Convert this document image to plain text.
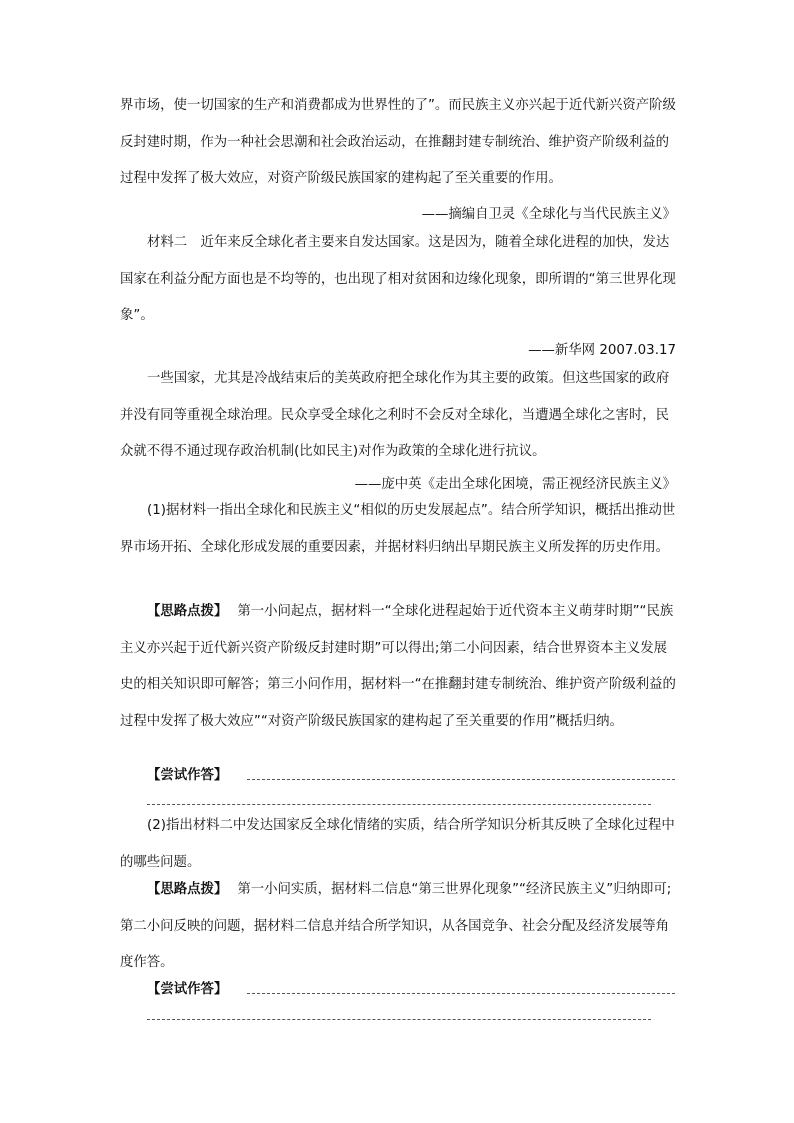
界市场，使一切国家的生产和消费都成为世界性的了”。而民族主义亦兴起于近代新兴资产阶级反封建时期，作为一种社会思潮和社会政治运动，在推翻封建专制统治、维护资产阶级利益的过程中发挥了极大效应，对资产阶级民族国家的建构起了至关重要的作用。
——摘编自卫灵《全球化与当代民族主义》
材料二　近年来反全球化者主要来自发达国家。这是因为，随着全球化进程的加快，发达国家在利益分配方面也是不均等的，也出现了相对贫困和边缘化现象，即所谓的“第三世界化现象”。
——新华网 2007.03.17
一些国家，尤其是冷战结束后的美英政府把全球化作为其主要的政策。但这些国家的政府并没有同等重视全球治理。民众享受全球化之利时不会反对全球化，当遭遇全球化之害时，民众就不得不通过现存政治机制(比如民主)对作为政策的全球化进行抗议。
——庞中英《走出全球化困境，需正视经济民族主义》
(1)据材料一指出全球化和民族主义“相似的历史发展起点”。结合所学知识，概括出推动世界市场开拓、全球化形成发展的重要因素，并据材料归纳出早期民族主义所发挥的历史作用。
【思路点拨】 第一小问起点，据材料一“全球化进程起始于近代资本主义萌芽时期”“民族主义亦兴起于近代新兴资产阶级反封建时期”可以得出;第二小问因素，结合世界资本主义发展史的相关知识即可解答；第三小问作用，据材料一“在推翻封建专制统治、维护资产阶级利益的过程中发挥了极大效应”“对资产阶级民族国家的建构起了至关重要的作用”概括归纳。
【尝试作答】
(2)指出材料二中发达国家反全球化情绪的实质，结合所学知识分析其反映了全球化过程中的哪些问题。
【思路点拨】 第一小问实质，据材料二信息“第三世界化现象”“经济民族主义”归纳即可;第二小问反映的问题，据材料二信息并结合所学知识，从各国竞争、社会分配及经济发展等角度作答。
【尝试作答】
